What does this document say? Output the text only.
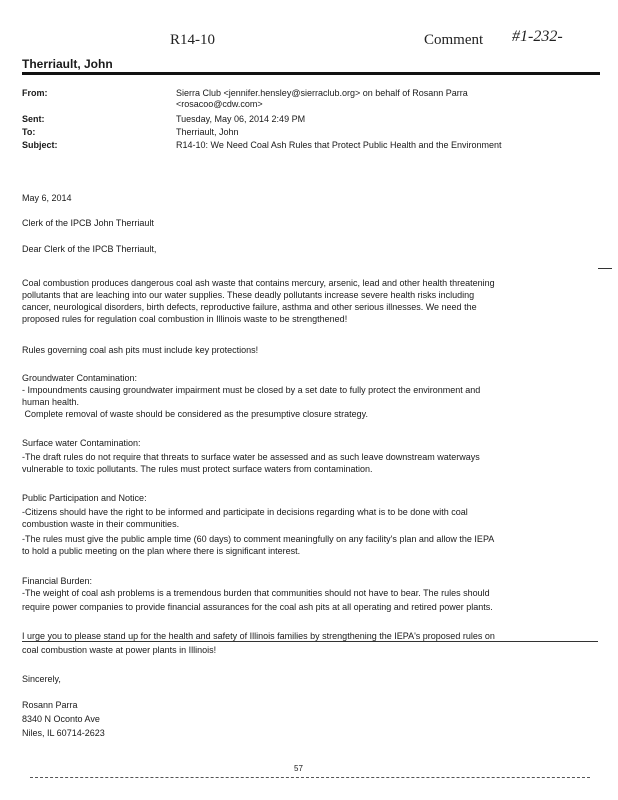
R14-10	Comment #1-232-
Therriault, John
From:	Sierra Club <jennifer.hensley@sierraclub.org> on behalf of Rosann Parra
<rosacoo@cdw.com>
Sent:	Tuesday, May 06, 2014 2:49 PM
To:	Therriault, John
Subject:	R14-10: We Need Coal Ash Rules that Protect Public Health and the Environment
May 6, 2014
Clerk of the IPCB John Therriault
Dear Clerk of the IPCB Therriault,
Coal combustion produces dangerous coal ash waste that contains mercury, arsenic, lead and other health threatening
pollutants that are leaching into our water supplies. These deadly pollutants increase severe health risks including
cancer, neurological disorders, birth defects, reproductive failure, asthma and other serious illnesses. We need the
proposed rules for regulation coal combustion in Illinois waste to be strengthened!
Rules governing coal ash pits must include key protections!
Groundwater Contamination:
- Impoundments causing groundwater impairment must be closed by a set date to fully protect the environment and
human health.
Complete removal of waste should be considered as the presumptive closure strategy.
Surface water Contamination:
-The draft rules do not require that threats to surface water be assessed and as such leave downstream waterways
vulnerable to toxic pollutants. The rules must protect surface waters from contamination.
Public Participation and Notice:
-Citizens should have the right to be informed and participate in decisions regarding what is to be done with coal
combustion waste in their communities.
-The rules must give the public ample time (60 days) to comment meaningfully on any facility's plan and allow the IEPA
to hold a public meeting on the plan where there is significant interest.
Financial Burden:
-The weight of coal ash problems is a tremendous burden that communities should not have to bear. The rules should
require power companies to provide financial assurances for the coal ash pits at all operating and retired power plants.
I urge you to please stand up for the health and safety of Illinois families by strengthening the IEPA's proposed rules on
coal combustion waste at power plants in Illinois!
Sincerely,
Rosann Parra
8340 N Oconto Ave
Niles, IL 60714-2623
57
